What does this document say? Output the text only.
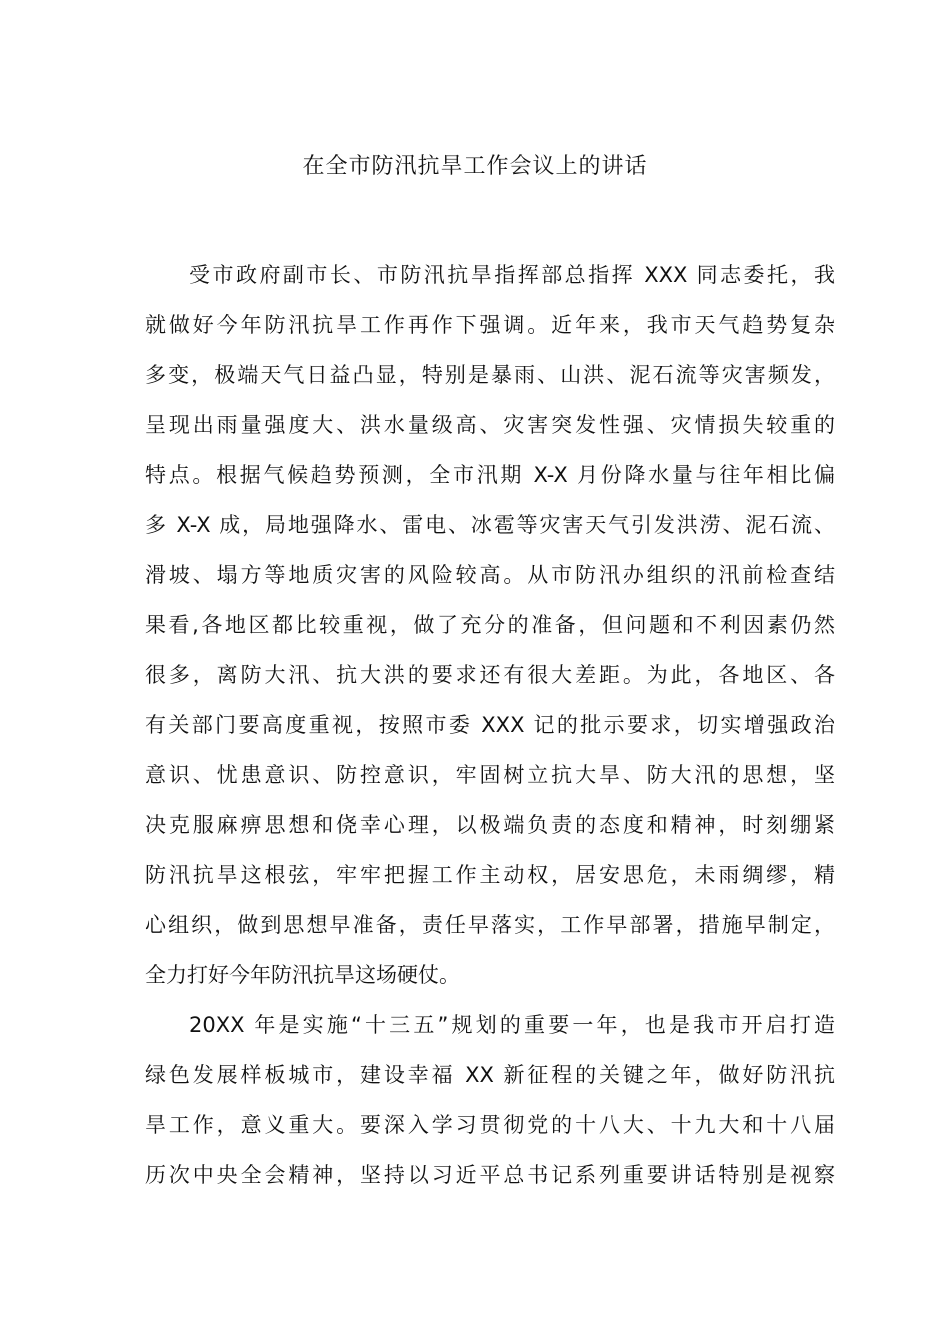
在全市防汛抗旱工作会议上的讲话
受市政府副市长、市防汛抗旱指挥部总指挥 XXX 同志委托，我
就做好今年防汛抗旱工作再作下强调。近年来，我市天气趋势复杂
多变，极端天气日益凸显，特别是暴雨、山洪、泥石流等灾害频发，
呈现出雨量强度大、洪水量级高、灾害突发性强、灾情损失较重的
特点。根据气候趋势预测，全市汛期 X-X 月份降水量与往年相比偏
多 X-X 成，局地强降水、雷电、冰雹等灾害天气引发洪涝、泥石流、
滑坡、塌方等地质灾害的风险较高。从市防汛办组织的汛前检查结
果看,各地区都比较重视，做了充分的准备，但问题和不利因素仍然
很多，离防大汛、抗大洪的要求还有很大差距。为此，各地区、各
有关部门要高度重视，按照市委 XXX 记的批示要求，切实增强政治
意识、忧患意识、防控意识，牢固树立抗大旱、防大汛的思想，坚
决克服麻痹思想和侥幸心理，以极端负责的态度和精神，时刻绷紧
防汛抗旱这根弦，牢牢把握工作主动权，居安思危，未雨绸缪，精
心组织，做到思想早准备，责任早落实，工作早部署，措施早制定，
全力打好今年防汛抗旱这场硬仗。
20XX 年是实施“十三五”规划的重要一年，也是我市开启打造
绿色发展样板城市，建设幸福 XX 新征程的关键之年，做好防汛抗
旱工作，意义重大。要深入学习贯彻党的十八大、十九大和十八届
历次中央全会精神，坚持以习近平总书记系列重要讲话特别是视察
